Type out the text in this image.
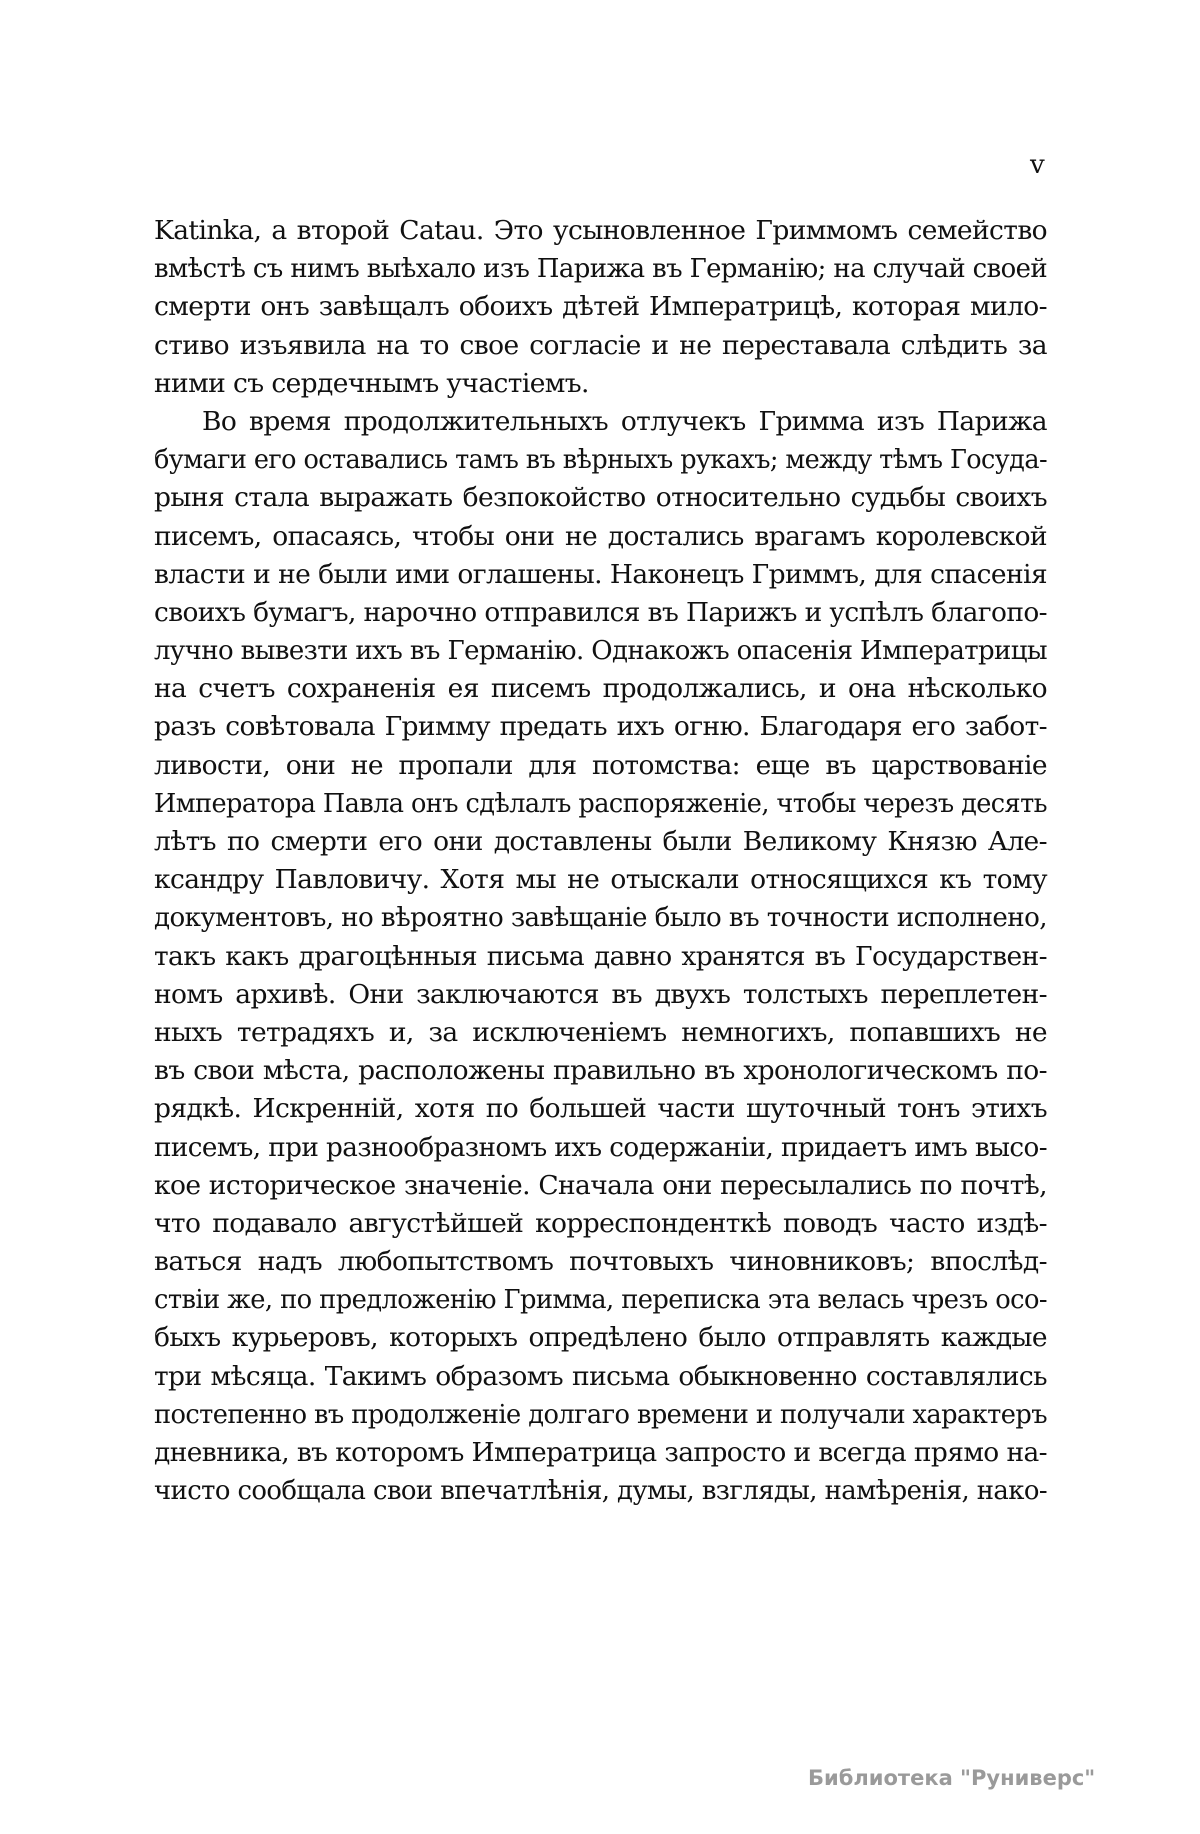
v
Katinka, а второй Catau. Это усыновленное Гриммомъ семейство
вмѣстѣ съ нимъ выѣхало изъ Парижа въ Германію; на случай своей
смерти онъ завѣщалъ обоихъ дѣтей Императрицѣ, которая мило-
стиво изъявила на то свое согласіе и не переставала слѣдить за
ними съ сердечнымъ участіемъ.
Во время продолжительныхъ отлучекъ Гримма изъ Парижа
бумаги его оставались тамъ въ вѣрныхъ рукахъ; между тѣмъ Госуда-
рыня стала выражать безпокойство относительно судьбы своихъ
писемъ, опасаясь, чтобы они не достались врагамъ королевской
власти и не были ими оглашены. Наконецъ Гриммъ, для спасенія
своихъ бумагъ, нарочно отправился въ Парижъ и успѣлъ благопо-
лучно вывезти ихъ въ Германію. Однакожъ опасенія Императрицы
на счетъ сохраненія ея писемъ продолжались, и она нѣсколько
разъ совѣтовала Гримму предать ихъ огню. Благодаря его забот-
ливости, они не пропали для потомства: еще въ царствованіе
Императора Павла онъ сдѣлалъ распоряженіе, чтобы черезъ десять
лѣтъ по смерти его они доставлены были Великому Князю Але-
ксандру Павловичу. Хотя мы не отыскали относящихся къ тому
документовъ, но вѣроятно завѣщаніе было въ точности исполнено,
такъ какъ драгоцѣнныя письма давно хранятся въ Государствен-
номъ архивѣ. Они заключаются въ двухъ толстыхъ переплетен-
ныхъ тетрадяхъ и, за исключеніемъ немногихъ, попавшихъ не
въ свои мѣста, расположены правильно въ хронологическомъ по-
рядкѣ. Искренній, хотя по большей части шуточный тонъ этихъ
писемъ, при разнообразномъ ихъ содержаніи, придаетъ имъ высо-
кое историческое значеніе. Сначала они пересылались по почтѣ,
что подавало августѣйшей корреспонденткѣ поводъ часто издѣ-
ваться надъ любопытствомъ почтовыхъ чиновниковъ; впослѣд-
ствіи же, по предложенію Гримма, переписка эта велась чрезъ осо-
быхъ курьеровъ, которыхъ опредѣлено было отправлять каждые
три мѣсяца. Такимъ образомъ письма обыкновенно составлялись
постепенно въ продолженіе долгаго времени и получали характеръ
дневника, въ которомъ Императрица запросто и всегда прямо на-
чисто сообщала свои впечатлѣнія, думы, взгляды, намѣренія, нако-
Библиотека "Руниверс"
